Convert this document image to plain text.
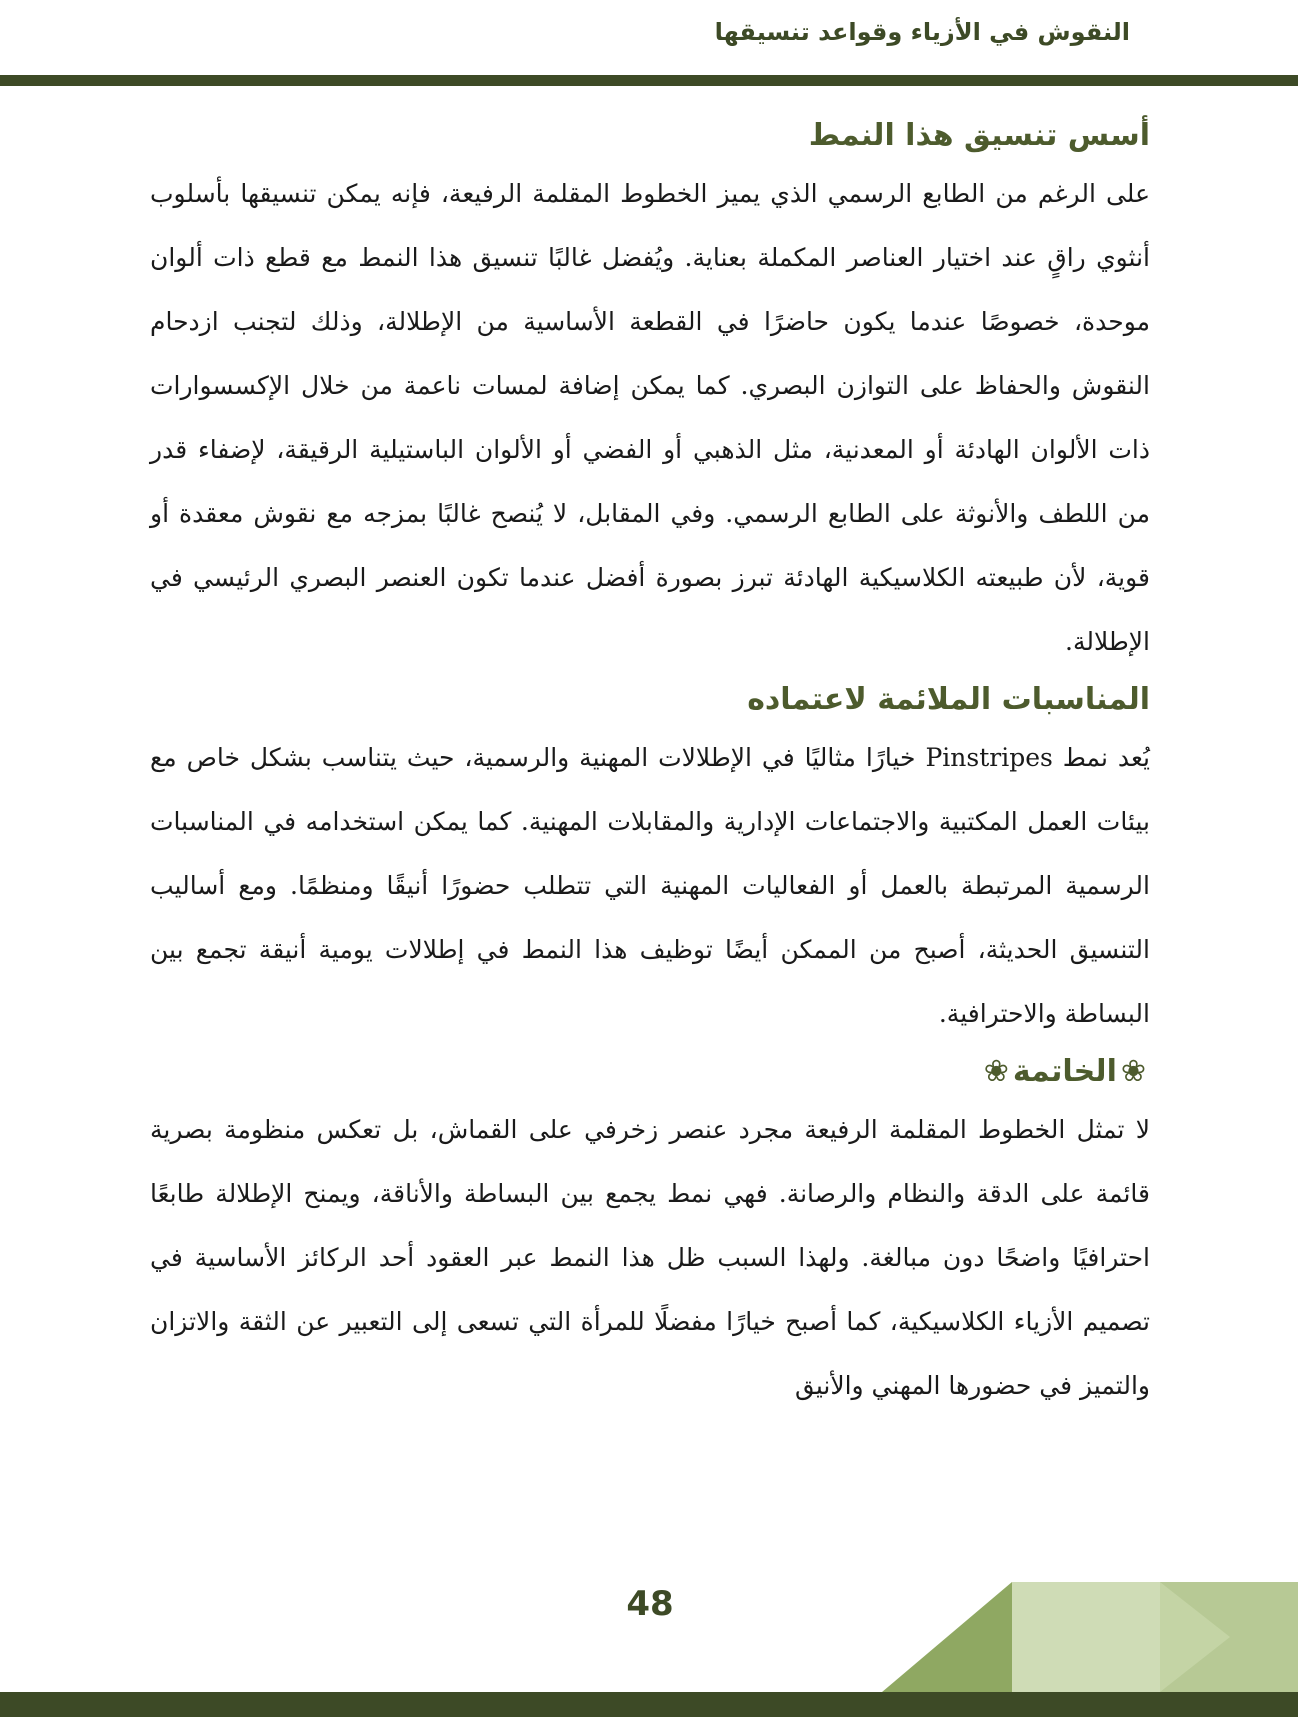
النقوش في الأزياء وقواعد تنسيقها
أسس تنسيق هذا النمط

على الرغم من الطابع الرسمي الذي يميز الخطوط المقلمة الرفيعة، فإنه يمكن تنسيقها بأسلوب أنثوي راقٍ عند اختيار العناصر المكملة بعناية. ويُفضل غالبًا تنسيق هذا النمط مع قطع ذات ألوان موحدة، خصوصًا عندما يكون حاضرًا في القطعة الأساسية من الإطلالة، وذلك لتجنب ازدحام النقوش والحفاظ على التوازن البصري. كما يمكن إضافة لمسات ناعمة من خلال الإكسسوارات ذات الألوان الهادئة أو المعدنية، مثل الذهبي أو الفضي أو الألوان الباستيلية الرقيقة، لإضفاء قدر من اللطف والأنوثة على الطابع الرسمي. وفي المقابل، لا يُنصح غالبًا بمزجه مع نقوش معقدة أو قوية، لأن طبيعته الكلاسيكية الهادئة تبرز بصورة أفضل عندما تكون العنصر البصري الرئيسي في الإطلالة.

المناسبات الملائمة لاعتماده

يُعد نمط Pinstripes خيارًا مثاليًا في الإطلالات المهنية والرسمية، حيث يتناسب بشكل خاص مع بيئات العمل المكتبية والاجتماعات الإدارية والمقابلات المهنية. كما يمكن استخدامه في المناسبات الرسمية المرتبطة بالعمل أو الفعاليات المهنية التي تتطلب حضورًا أنيقًا ومنظمًا. ومع أساليب التنسيق الحديثة، أصبح من الممكن أيضًا توظيف هذا النمط في إطلالات يومية أنيقة تجمع بين البساطة والاحترافية.

❀الخاتمة❀

لا تمثل الخطوط المقلمة الرفيعة مجرد عنصر زخرفي على القماش، بل تعكس منظومة بصرية قائمة على الدقة والنظام والرصانة. فهي نمط يجمع بين البساطة والأناقة، ويمنح الإطلالة طابعًا احترافيًا واضحًا دون مبالغة. ولهذا السبب ظل هذا النمط عبر العقود أحد الركائز الأساسية في تصميم الأزياء الكلاسيكية، كما أصبح خيارًا مفضلًا للمرأة التي تسعى إلى التعبير عن الثقة والاتزان والتميز في حضورها المهني والأنيق

48
